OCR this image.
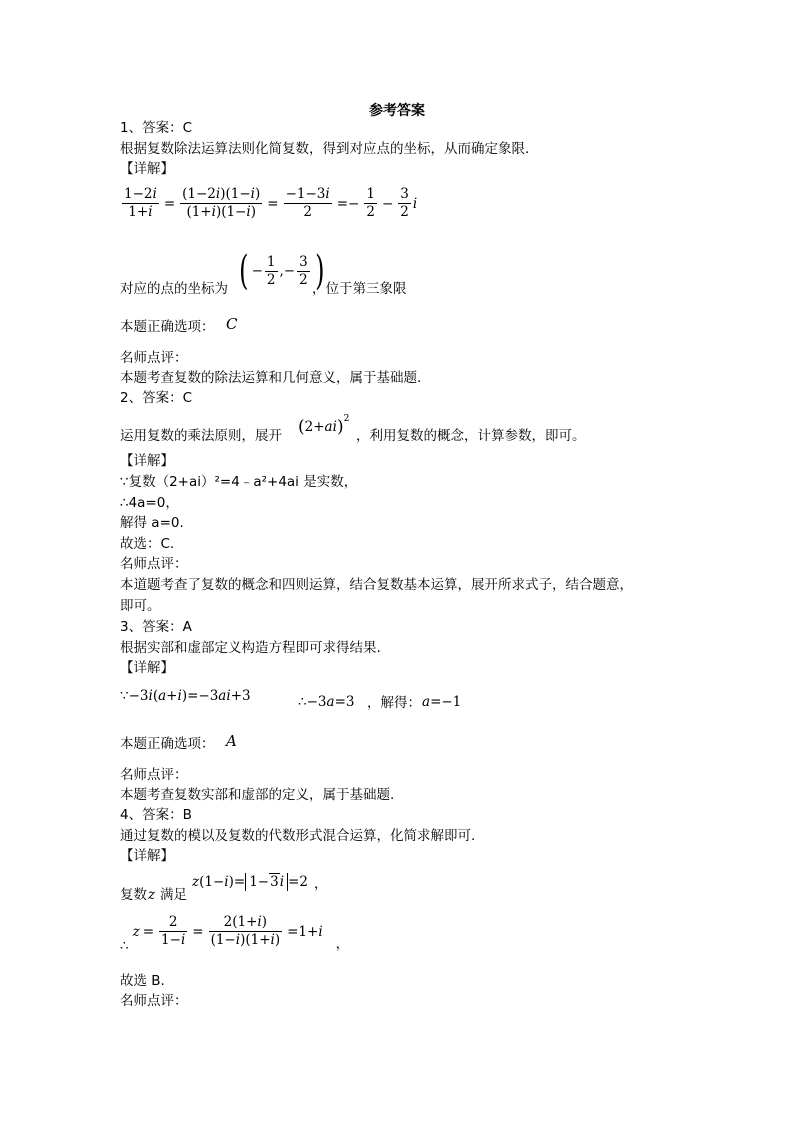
参考答案
1、答案：C
根据复数除法运算法则化简复数，得到对应点的坐标，从而确定象限.
【详解】
$\frac{1-2i}{1+i} = \frac{(1-2i)(1-i)}{(1+i)(1-i)} = \frac{-1-3i}{2} =- \frac{1}{2} - \frac{3}{2}$ i
对应的点的坐标为 ( − $\frac{1}{2}$ ,− $\frac{3}{2}$ )
，位于第三象限
本题正确选项： C
名师点评：
本题考查复数的除法运算和几何意义，属于基础题.
2、答案：C
运用复数的乘法原则，展开 ( 2+ a i )$^2$
，利用复数的概念，计算参数，即可。
【详解】
∵复数（2+ai）²=4﹣a²+4ai 是实数，
∴4a=0，
解得 a=0.
故选：C.
名师点评：
本道题考查了复数的概念和四则运算，结合复数基本运算，展开所求式子，结合题意，
即可。
3、答案：A
根据实部和虚部定义构造方程即可求得结果.
【详解】
∵−3i(a+i)=−3ai+3	∴−3a=3 ，解得： a=−1
本题正确选项： A
名师点评：
本题考查复数实部和虚部的定义，属于基础题.
4、答案：B
通过复数的模以及复数的代数形式混合运算，化简求解即可.
【详解】
复数 z 满足
z(1−i)= 1−3i =2 ，
∴
$z = \frac{2}{1-i} = \frac{2(1+i)}{(1-i)(1+i)} =1+i$
，
故选 B.
名师点评：
